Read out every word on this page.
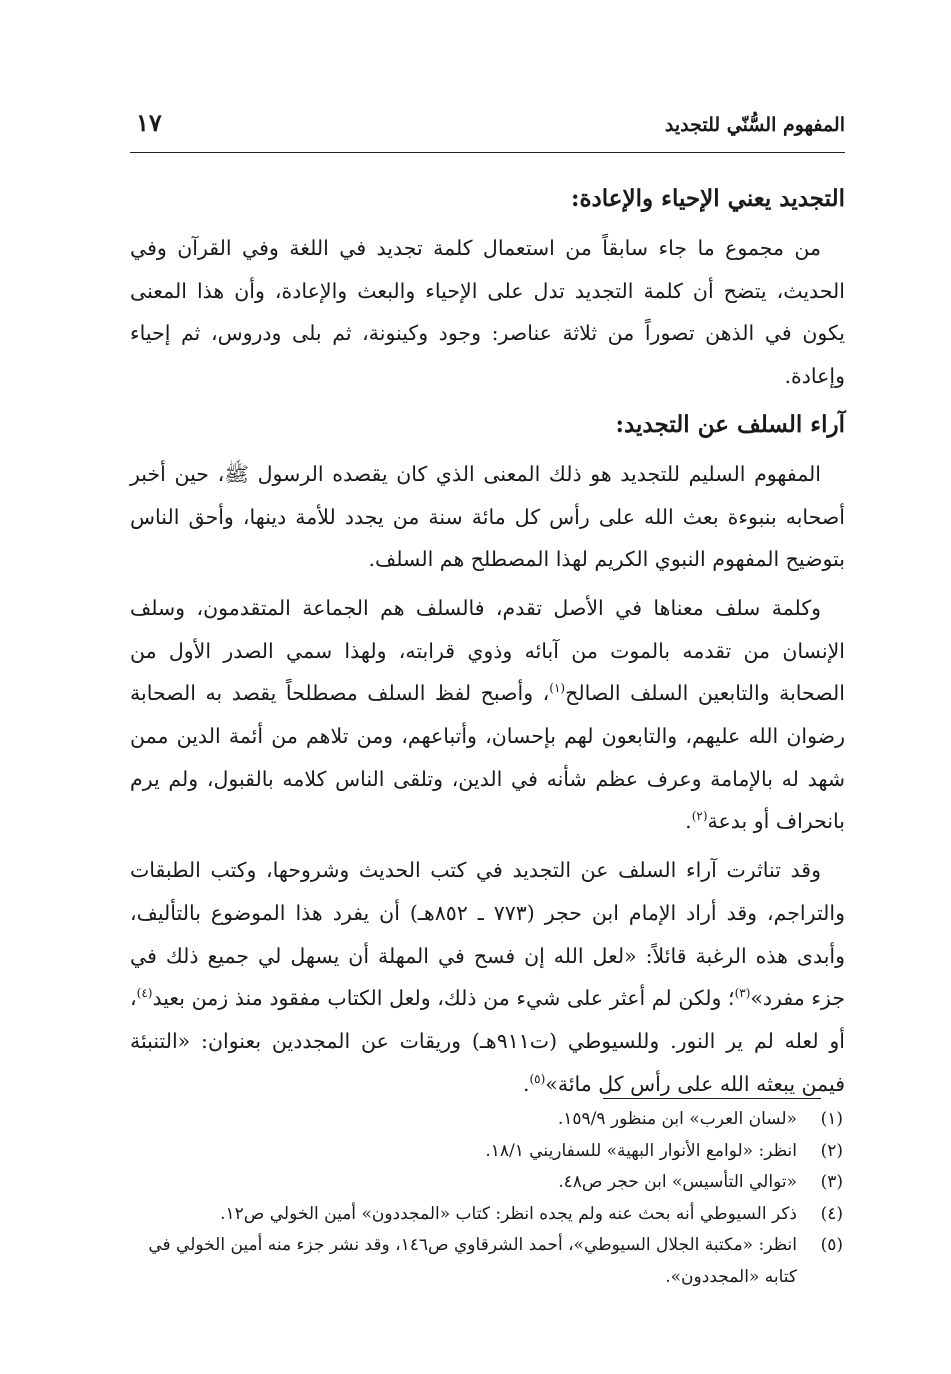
المفهوم السُّنّي للتجديد
١٧
التجديد يعني الإحياء والإعادة:

من مجموع ما جاء سابقاً من استعمال كلمة تجديد في اللغة وفي القرآن وفي الحديث، يتضح أن كلمة التجديد تدل على الإحياء والبعث والإعادة، وأن هذا المعنى يكون في الذهن تصوراً من ثلاثة عناصر: وجود وكينونة، ثم بلى ودروس، ثم إحياء وإعادة.

آراء السلف عن التجديد:

المفهوم السليم للتجديد هو ذلك المعنى الذي كان يقصده الرسول ﷺ، حين أخبر أصحابه بنبوءة بعث الله على رأس كل مائة سنة من يجدد للأمة دينها، وأحق الناس بتوضيح المفهوم النبوي الكريم لهذا المصطلح هم السلف.

وكلمة سلف معناها في الأصل تقدم، فالسلف هم الجماعة المتقدمون، وسلف الإنسان من تقدمه بالموت من آبائه وذوي قرابته، ولهذا سمي الصدر الأول من الصحابة والتابعين السلف الصالح$^{(١)}$، وأصبح لفظ السلف مصطلحاً يقصد به الصحابة رضوان الله عليهم، والتابعون لهم بإحسان، وأتباعهم، ومن تلاهم من أئمة الدين ممن شهد له بالإمامة وعرف عظم شأنه في الدين، وتلقى الناس كلامه بالقبول، ولم يرم بانحراف أو بدعة$^{(٢)}$.

وقد تناثرت آراء السلف عن التجديد في كتب الحديث وشروحها، وكتب الطبقات والتراجم، وقد أراد الإمام ابن حجر (٧٧٣ ـ ٨٥٢هـ) أن يفرد هذا الموضوع بالتأليف، وأبدى هذه الرغبة قائلاً: «لعل الله إن فسح في المهلة أن يسهل لي جميع ذلك في جزء مفرد»$^{(٣)}$؛ ولكن لم أعثر على شيء من ذلك، ولعل الكتاب مفقود منذ زمن بعيد$^{(٤)}$، أو لعله لم ير النور. وللسيوطي (ت٩١١هـ) وريقات عن المجددين بعنوان: «التنبئة فيمن يبعثه الله على رأس كل مائة»$^{(٥)}$.

(١)
«لسان العرب» ابن منظور ١٥٩/٩.
(٢)
انظر: «لوامع الأنوار البهية» للسفاريني ١٨/١.
(٣)
«توالي التأسيس» ابن حجر ص٤٨.
(٤)
ذكر السيوطي أنه بحث عنه ولم يجده انظر: كتاب «المجددون» أمين الخولي ص١٢.
(٥)
انظر: «مكتبة الجلال السيوطي»، أحمد الشرقاوي ص١٤٦، وقد نشر جزء منه أمين الخولي في كتابه «المجددون».
